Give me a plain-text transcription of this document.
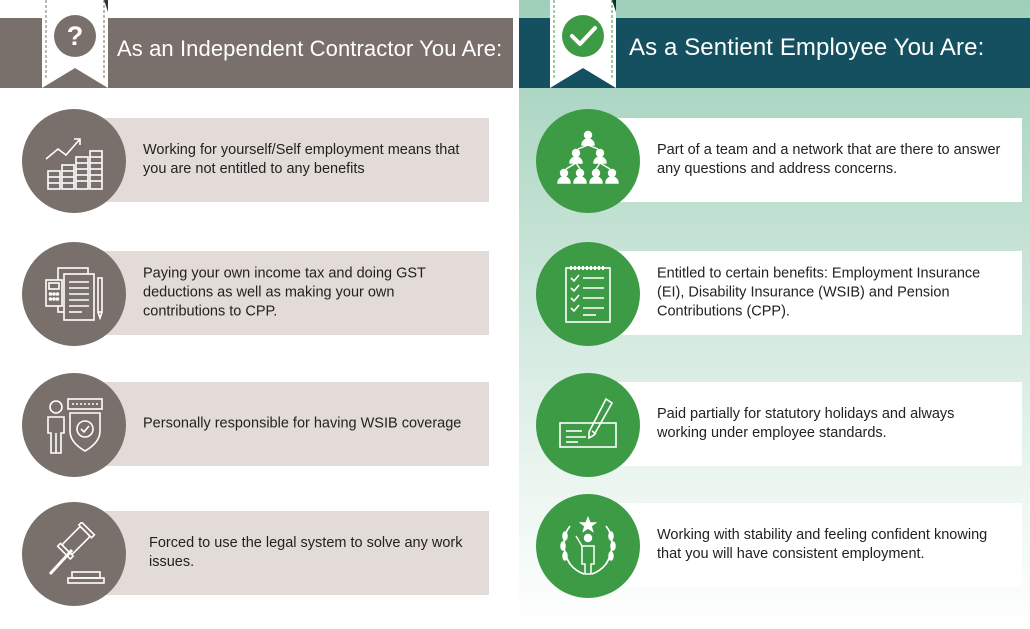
As an Independent Contractor You Are:
?
Working for yourself/Self employment means that you are not entitled to any benefits
Paying your own income tax and doing GST deductions as well as making your own contributions to CPP.
Personally responsible for having WSIB coverage
Forced to use the legal system to solve any work issues.
As a Sentient Employee You Are:
Part of a team and a network that are there to answer any questions and address concerns.
Entitled to certain benefits: Employment Insurance (EI), Disability Insurance (WSIB) and Pension Contributions (CPP).
Paid partially for statutory holidays and always working under employee standards.
Working with stability and feeling confident knowing that you will have consistent employment.
